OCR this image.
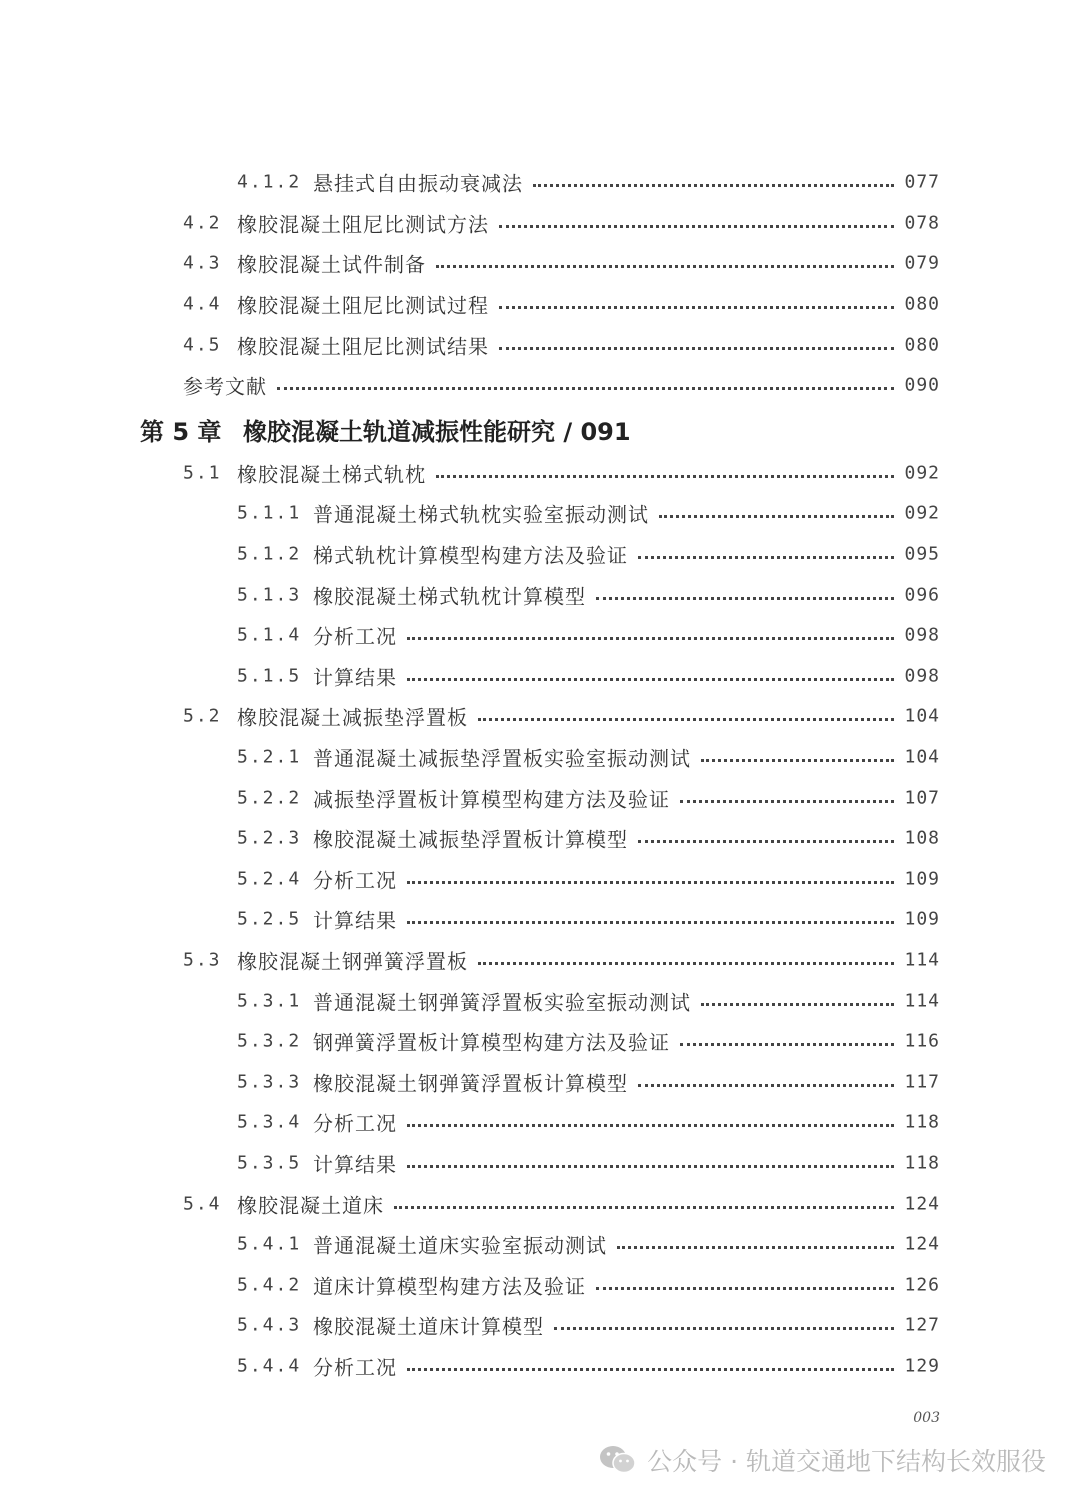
4.1.2 悬挂式自由振动衰减法	077
4.2 橡胶混凝土阻尼比测试方法	078
4.3 橡胶混凝土试件制备	079
4.4 橡胶混凝土阻尼比测试过程	080
4.5 橡胶混凝土阻尼比测试结果	080
参考文献	090
第 5 章 橡胶混凝土轨道减振性能研究 / 091
5.1 橡胶混凝土梯式轨枕	092
5.1.1 普通混凝土梯式轨枕实验室振动测试	092
5.1.2 梯式轨枕计算模型构建方法及验证	095
5.1.3 橡胶混凝土梯式轨枕计算模型	096
5.1.4 分析工况	098
5.1.5 计算结果	098
5.2 橡胶混凝土减振垫浮置板	104
5.2.1 普通混凝土减振垫浮置板实验室振动测试	104
5.2.2 减振垫浮置板计算模型构建方法及验证	107
5.2.3 橡胶混凝土减振垫浮置板计算模型	108
5.2.4 分析工况	109
5.2.5 计算结果	109
5.3 橡胶混凝土钢弹簧浮置板	114
5.3.1 普通混凝土钢弹簧浮置板实验室振动测试	114
5.3.2 钢弹簧浮置板计算模型构建方法及验证	116
5.3.3 橡胶混凝土钢弹簧浮置板计算模型	117
5.3.4 分析工况	118
5.3.5 计算结果	118
5.4 橡胶混凝土道床	124
5.4.1 普通混凝土道床实验室振动测试	124
5.4.2 道床计算模型构建方法及验证	126
5.4.3 橡胶混凝土道床计算模型	127
5.4.4 分析工况	129
003
公众号 · 轨道交通地下结构长效服役
